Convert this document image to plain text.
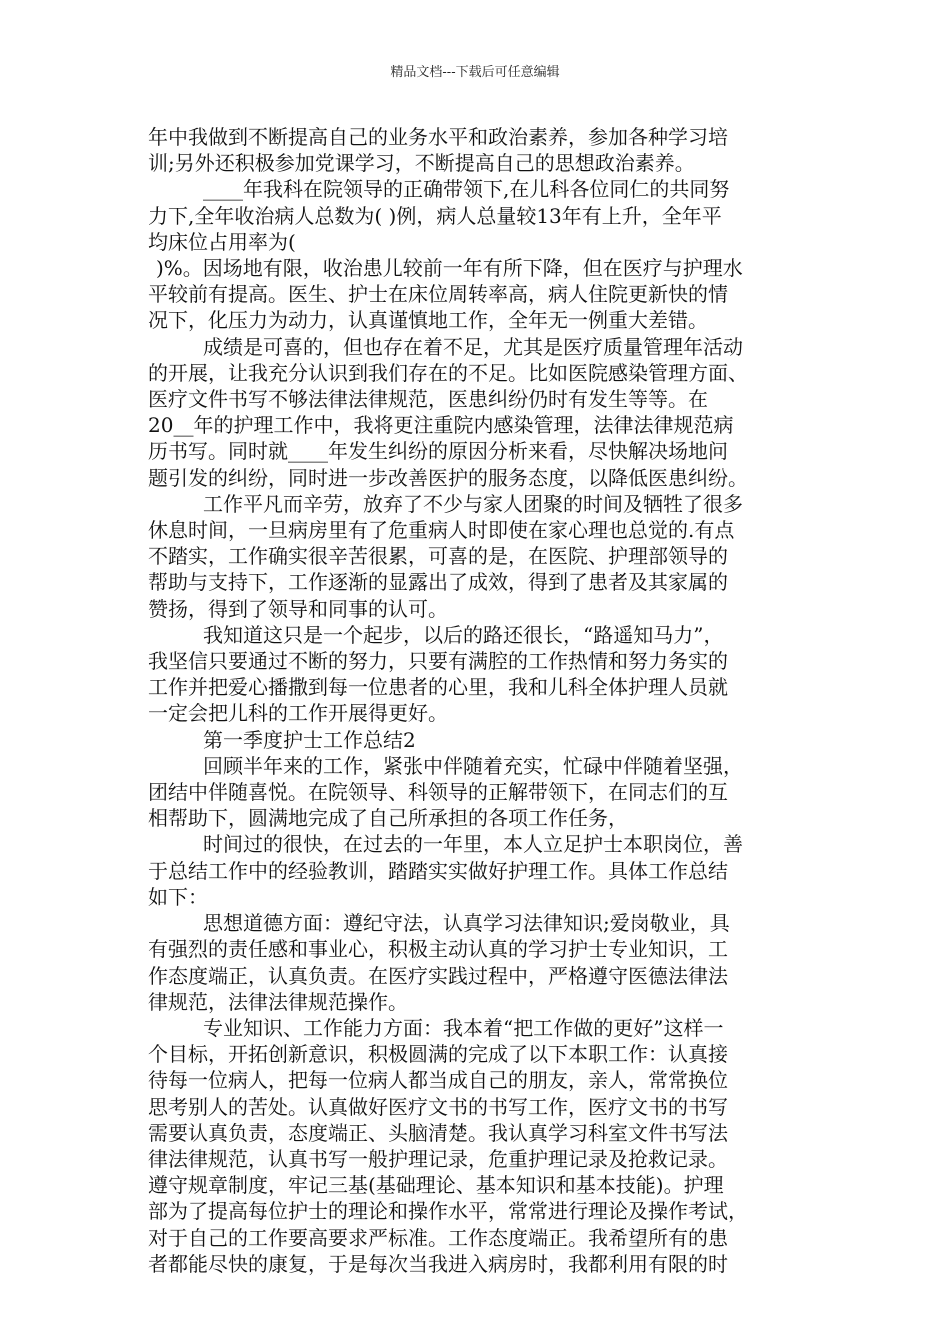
精品文档---下载后可任意编辑
年中我做到不断提高自己的业务水平和政治素养，参加各种学习培
训;另外还积极参加党课学习，不断提高自己的思想政治素养。
____年我科在院领导的正确带领下,在儿科各位同仁的共同努
力下,全年收治病人总数为( )例，病人总量较13年有上升，全年平
均床位占用率为(
)%。因场地有限，收治患儿较前一年有所下降，但在医疗与护理水
平较前有提高。医生、护士在床位周转率高，病人住院更新快的情
况下，化压力为动力，认真谨慎地工作，全年无一例重大差错。
成绩是可喜的，但也存在着不足，尤其是医疗质量管理年活动
的开展，让我充分认识到我们存在的不足。比如医院感染管理方面、
医疗文件书写不够法律法律规范，医患纠纷仍时有发生等等。在
20__年的护理工作中，我将更注重院内感染管理，法律法律规范病
历书写。同时就____年发生纠纷的原因分析来看，尽快解决场地问
题引发的纠纷，同时进一步改善医护的服务态度，以降低医患纠纷。
工作平凡而辛劳，放弃了不少与家人团聚的时间及牺牲了很多
休息时间，一旦病房里有了危重病人时即使在家心理也总觉的.有点
不踏实，工作确实很辛苦很累，可喜的是，在医院、护理部领导的
帮助与支持下，工作逐渐的显露出了成效，得到了患者及其家属的
赞扬，得到了领导和同事的认可。
我知道这只是一个起步，以后的路还很长，“路遥知马力”，
我坚信只要通过不断的努力，只要有满腔的工作热情和努力务实的
工作并把爱心播撒到每一位患者的心里，我和儿科全体护理人员就
一定会把儿科的工作开展得更好。
第一季度护士工作总结2
回顾半年来的工作，紧张中伴随着充实，忙碌中伴随着坚强，
团结中伴随喜悦。在院领导、科领导的正解带领下，在同志们的互
相帮助下，圆满地完成了自己所承担的各项工作任务，
时间过的很快，在过去的一年里，本人立足护士本职岗位，善
于总结工作中的经验教训，踏踏实实做好护理工作。具体工作总结
如下：
思想道德方面：遵纪守法，认真学习法律知识;爱岗敬业，具
有强烈的责任感和事业心，积极主动认真的学习护士专业知识，工
作态度端正，认真负责。在医疗实践过程中，严格遵守医德法律法
律规范，法律法律规范操作。
专业知识、工作能力方面：我本着“把工作做的更好”这样一
个目标，开拓创新意识，积极圆满的完成了以下本职工作：认真接
待每一位病人，把每一位病人都当成自己的朋友，亲人，常常换位
思考别人的苦处。认真做好医疗文书的书写工作，医疗文书的书写
需要认真负责，态度端正、头脑清楚。我认真学习科室文件书写法
律法律规范，认真书写一般护理记录，危重护理记录及抢救记录。
遵守规章制度，牢记三基(基础理论、基本知识和基本技能)。护理
部为了提高每位护士的理论和操作水平，常常进行理论及操作考试，
对于自己的工作要高要求严标准。工作态度端正。我希望所有的患
者都能尽快的康复，于是每次当我进入病房时，我都利用有限的时
